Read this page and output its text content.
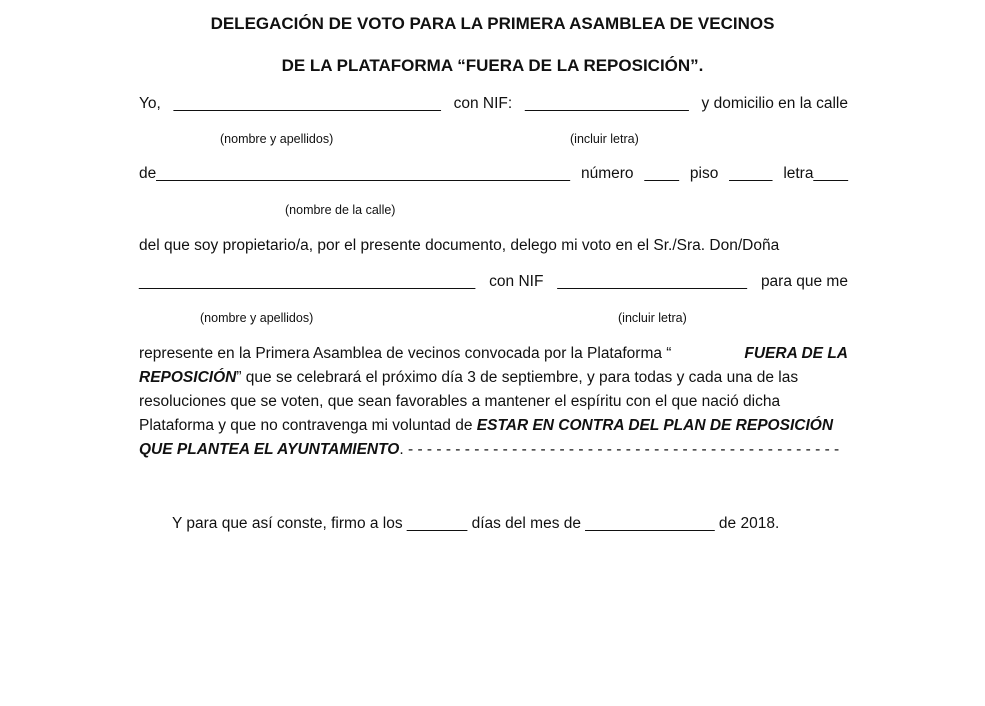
DELEGACIÓN DE VOTO PARA LA PRIMERA ASAMBLEA DE VECINOS
DE LA PLATAFORMA “FUERA DE LA REPOSICIÓN”.
Yo, _______________________________ con NIF: ___________________ y domicilio en la calle
(nombre y apellidos)	(incluir letra)
de________________________________________________ número ____ piso _____ letra____
(nombre de la calle)
del que soy propietario/a, por el presente documento, delego mi voto en el Sr./Sra. Don/Doña
_______________________________________ con NIF ______________________ para que me
(nombre y apellidos)	(incluir letra)
represente en la Primera Asamblea de vecinos convocada por la Plataforma “	FUERA DE LA
REPOSICIÓN” que se celebrará el próximo día 3 de septiembre, y para todas y cada una de las
resoluciones que se voten, que sean favorables a mantener el espíritu con el que nació dicha
Plataforma y que no contravenga mi voluntad de ESTAR EN CONTRA DEL PLAN DE REPOSICIÓN
QUE PLANTEA EL AYUNTAMIENTO . - - - - - - - - - - - - - - - - - - - - - - - - - - - - - - - - - - - - - - - - - - - - - -
Y para que así conste, firmo a los _______ días del mes de _______________ de 2018.
